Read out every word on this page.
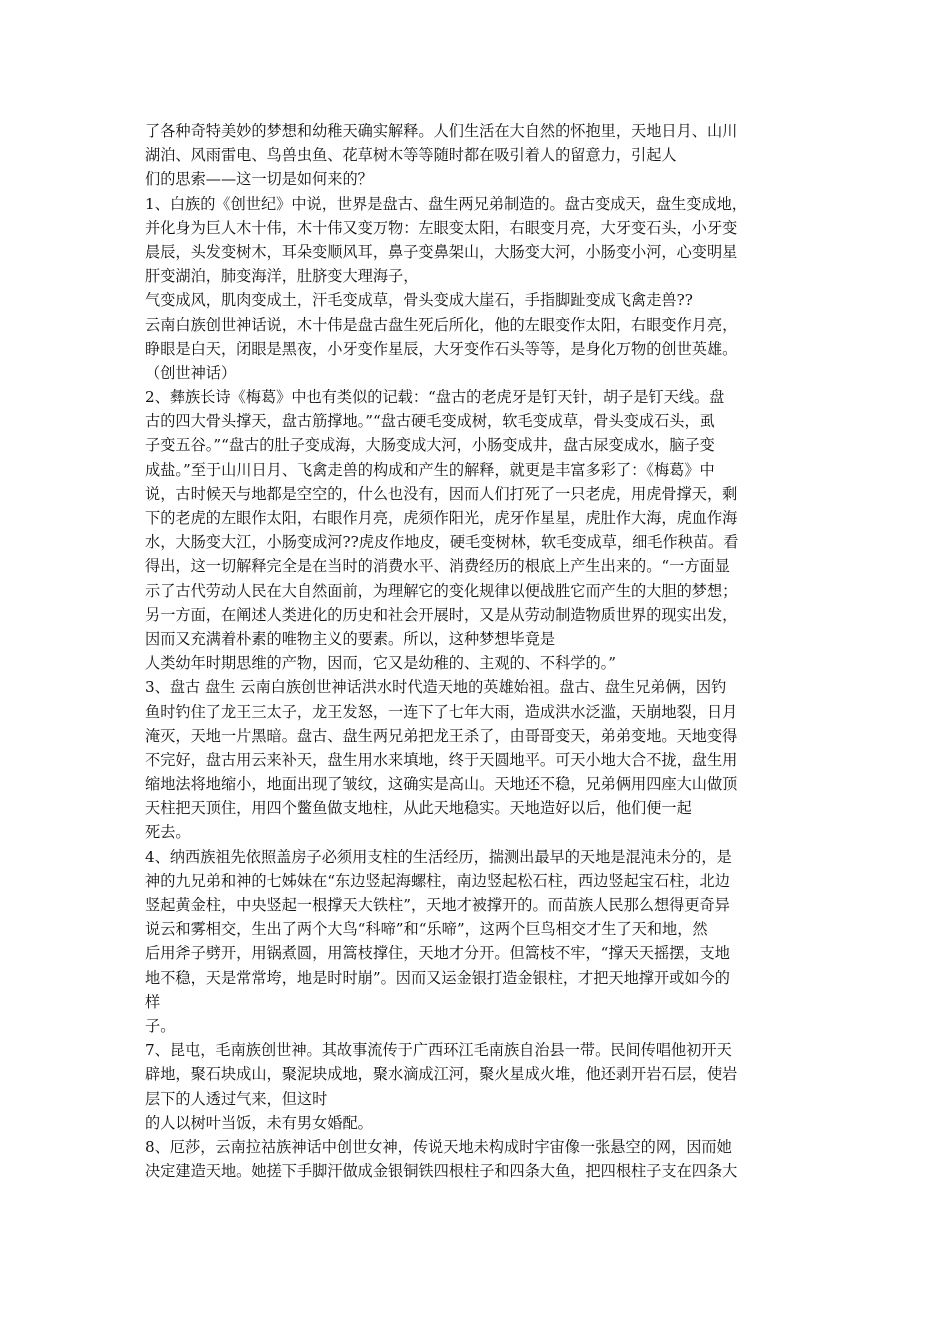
了各种奇特美妙的梦想和幼稚天确实解释。人们生活在大自然的怀抱里，天地日月、山川
湖泊、风雨雷电、鸟兽虫鱼、花草树木等等随时都在吸引着人的留意力，引起人
们的思索——这一切是如何来的？
1、白族的《创世纪》中说，世界是盘古、盘生两兄弟制造的。盘古变成天，盘生变成地，
并化身为巨人木十伟，木十伟又变万物：左眼变太阳，右眼变月亮，大牙变石头，小牙变
晨辰，头发变树木，耳朵变顺风耳，鼻子变鼻架山，大肠变大河，小肠变小河，心变明星
肝变湖泊，肺变海洋，肚脐变大理海子，
气变成风，肌肉变成土，汗毛变成草，骨头变成大崖石，手指脚趾变成飞禽走兽??
云南白族创世神话说，木十伟是盘古盘生死后所化，他的左眼变作太阳，右眼变作月亮，
睁眼是白天，闭眼是黑夜，小牙变作星辰，大牙变作石头等等，是身化万物的创世英雄。
（创世神话）
2、彝族长诗《梅葛》中也有类似的记载：“盘古的老虎牙是钉天针，胡子是钉天线。盘
古的四大骨头撑天，盘古筋撑地。”“盘古硬毛变成树，软毛变成草，骨头变成石头，虱
子变五谷。”“盘古的肚子变成海，大肠变成大河，小肠变成井，盘古尿变成水，脑子变
成盐。”至于山川日月、飞禽走兽的构成和产生的解释，就更是丰富多彩了：《梅葛》中
说，古时候天与地都是空空的，什么也没有，因而人们打死了一只老虎，用虎骨撑天，剩
下的老虎的左眼作太阳，右眼作月亮，虎须作阳光，虎牙作星星，虎肚作大海，虎血作海
水，大肠变大江，小肠变成河??虎皮作地皮，硬毛变树林，软毛变成草，细毛作秧苗。看
得出，这一切解释完全是在当时的消费水平、消费经历的根底上产生出来的。“一方面显
示了古代劳动人民在大自然面前，为理解它的变化规律以便战胜它而产生的大胆的梦想；
另一方面，在阐述人类进化的历史和社会开展时，又是从劳动制造物质世界的现实出发，
因而又充满着朴素的唯物主义的要素。所以，这种梦想毕竟是
人类幼年时期思维的产物，因而，它又是幼稚的、主观的、不科学的。”
3、盘古 盘生 云南白族创世神话洪水时代造天地的英雄始祖。盘古、盘生兄弟俩，因钓
鱼时钓住了龙王三太子，龙王发怒，一连下了七年大雨，造成洪水泛滥，天崩地裂，日月
淹灭，天地一片黑暗。盘古、盘生两兄弟把龙王杀了，由哥哥变天，弟弟变地。天地变得
不完好，盘古用云来补天，盘生用水来填地，终于天圆地平。可天小地大合不拢，盘生用
缩地法将地缩小，地面出现了皱纹，这确实是高山。天地还不稳，兄弟俩用四座大山做顶
天柱把天顶住，用四个鳖鱼做支地柱，从此天地稳实。天地造好以后，他们便一起
死去。
4、纳西族祖先依照盖房子必须用支柱的生活经历，揣测出最早的天地是混沌未分的，是
神的九兄弟和神的七姊妹在“东边竖起海螺柱，南边竖起松石柱，西边竖起宝石柱，北边
竖起黄金柱，中央竖起一根撑天大铁柱”，天地才被撑开的。而苗族人民那么想得更奇异
说云和雾相交，生出了两个大鸟“科啼”和“乐啼”，这两个巨鸟相交才生了天和地，然
后用斧子劈开，用锅煮圆，用篙枝撑住，天地才分开。但篙枝不牢，“撑天天摇摆，支地
地不稳，天是常常垮，地是时时崩”。因而又运金银打造金银柱，才把天地撑开或如今的
样
子。
7、昆屯，毛南族创世神。其故事流传于广西环江毛南族自治县一带。民间传唱他初开天
辟地，聚石块成山，聚泥块成地，聚水滴成江河，聚火星成火堆，他还剥开岩石层，使岩
层下的人透过气来，但这时
的人以树叶当饭，未有男女婚配。
8、厄莎，云南拉祜族神话中创世女神，传说天地未构成时宇宙像一张悬空的网，因而她
决定建造天地。她搓下手脚汗做成金银铜铁四根柱子和四条大鱼，把四根柱子支在四条大
